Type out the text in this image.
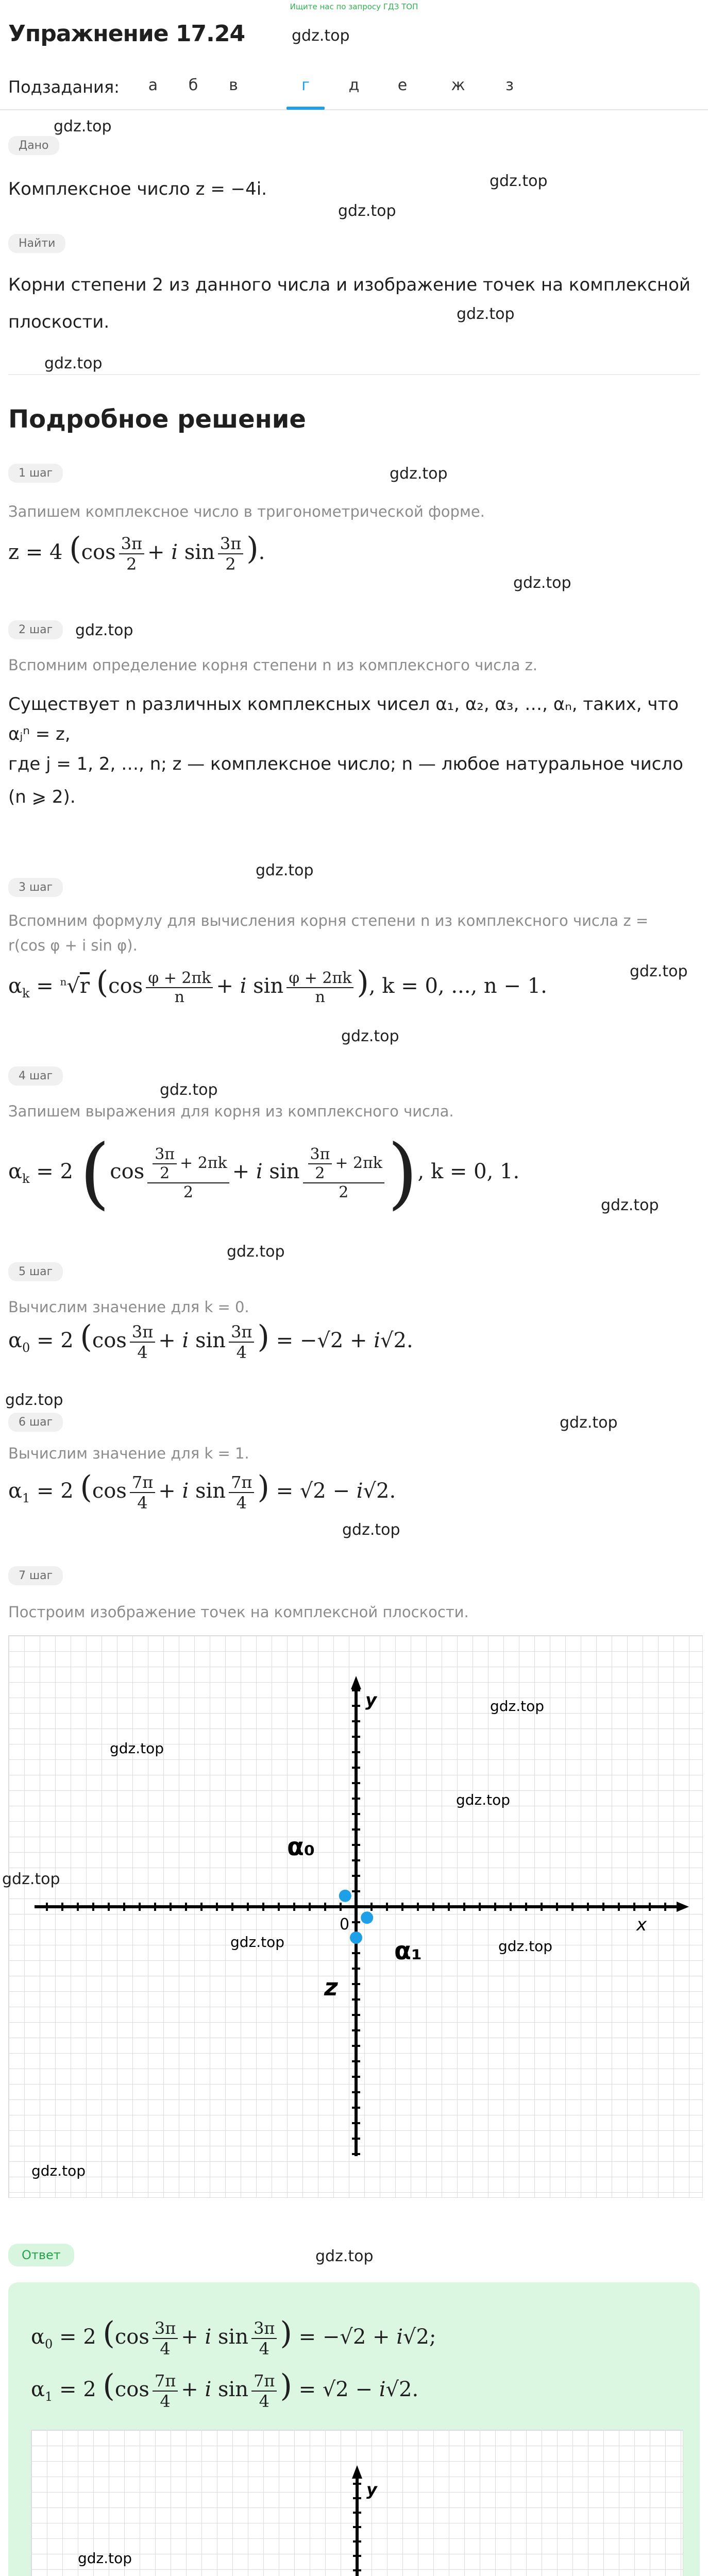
Ищите нас по запросу ГДЗ ТОП
Упражнение 17.24	gdz.top
Подзадания:	а	б	в	г	д	е	ж	з
gdz.top
Дано
Комплексное число z = −4i.	gdz.top
gdz.top
Найти
Корни степени 2 из данного числа и изображение точек на комплексной
gdz.top
плоскости.
gdz.top
Подробное решение
1 шаг	gdz.top
Запишем комплексное число в тригонометрической форме.
z = 4 ($\cos \frac{3\pi}{2} + i$ $\sin \frac{3\pi}{2}$ ).
gdz.top
2 шаг	gdz.top
Вспомним определение корня степени n из комплексного числа z.
Существует n различных комплексных чисел α₁, α₂, α₃, …, αₙ, таких, что
αⱼⁿ = z,
где j = 1, 2, …, n; z — комплексное число; n — любое натуральное число
(n ⩾ 2).
gdz.top
3 шаг
Вспомним формулу для вычисления корня степени n из комплексного числа z =
r(cos φ + i sin φ).
gdz.top
$\alpha_k = ^n√r$ ($\cos \frac{\varphi + 2\pi k}{n} + i$ $\sin \frac{\varphi + 2\pi k}{n}$ ), k = 0, ..., n − 1.
gdz.top
4 шаг
gdz.top
Запишем выражения для корня из комплексного числа.
$\alpha_k = 2$ ($\cos \frac{\frac{3\pi}{2} + 2\pi k}{2} + i$ $\sin \frac{\frac{3\pi}{2} + 2\pi k}{2}$ ), k = 0, 1.
gdz.top
gdz.top
5 шаг
Вычислим значение для k = 0.
$\alpha_0 = 2$ ($\cos \frac{3\pi}{4} + i$ $\sin \frac{3\pi}{4}$ ) = −√2 + i√2.
gdz.top
6 шаг	gdz.top
Вычислим значение для k = 1.
$\alpha_1 = 2$ ($\cos \frac{7\pi}{4} + i$ $\sin \frac{7\pi}{4}$ ) = √2 − i√2.
gdz.top
7 шаг
Построим изображение точек на комплексной плоскости.
x
y
0
α₀
α₁
z
gdz.top
gdz.top
gdz.top
gdz.top	gdz.top
gdz.top
gdz.top
Ответ	gdz.top
$\alpha_0 = 2$ ($\cos \frac{3\pi}{4} + i$ $\sin \frac{3\pi}{4}$ ) = −√2 + i√2;
$\alpha_1 = 2$ ($\cos \frac{7\pi}{4} + i$ $\sin \frac{7\pi}{4}$ ) = √2 − i√2.
y
gdz.top
